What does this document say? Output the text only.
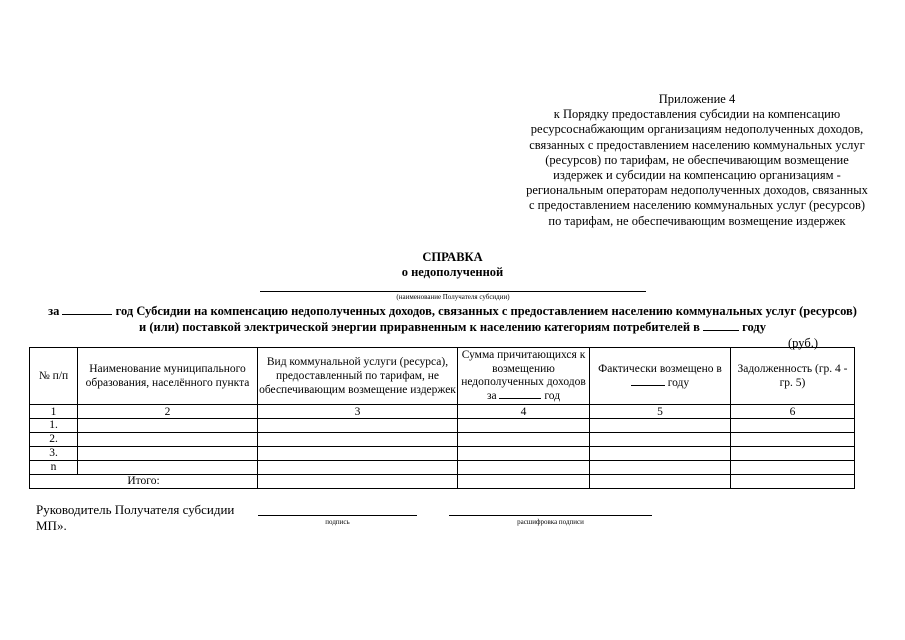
Приложение 4
к Порядку предоставления субсидии на компенсацию
ресурсоснабжающим организациям недополученных доходов,
связанных с предоставлением населению коммунальных услуг
(ресурсов) по тарифам, не обеспечивающим возмещение
издержек и субсидии на компенсацию организациям -
региональным операторам недополученных доходов, связанных
с предоставлением населению коммунальных услуг (ресурсов)
по тарифам, не обеспечивающим возмещение издержек
СПРАВКА
о недополученной
(наименование Получателя субсидии)
за	год Субсидии на компенсацию недополученных доходов, связанных с предоставлением населению коммунальных услуг (ресурсов)
и (или) поставкой электрической энергии приравненным к населению категориям потребителей в	году
(руб.)
№ п/п	Наименование муниципального образования, населённого пункта	Вид коммунальной услуги (ресурса), предоставленный по тарифам, не обеспечивающим возмещение издержек	Сумма причитающихся к возмещению недополученных доходов за год	Фактически возмещено в  году	Задолженность (гр. 4 - гр. 5)
1	2	3	4	5	6
1.					
2.					
3.					
n					
Итого:					
Руководитель Получателя субсидии
МП».	подпись	расшифровка подписи
